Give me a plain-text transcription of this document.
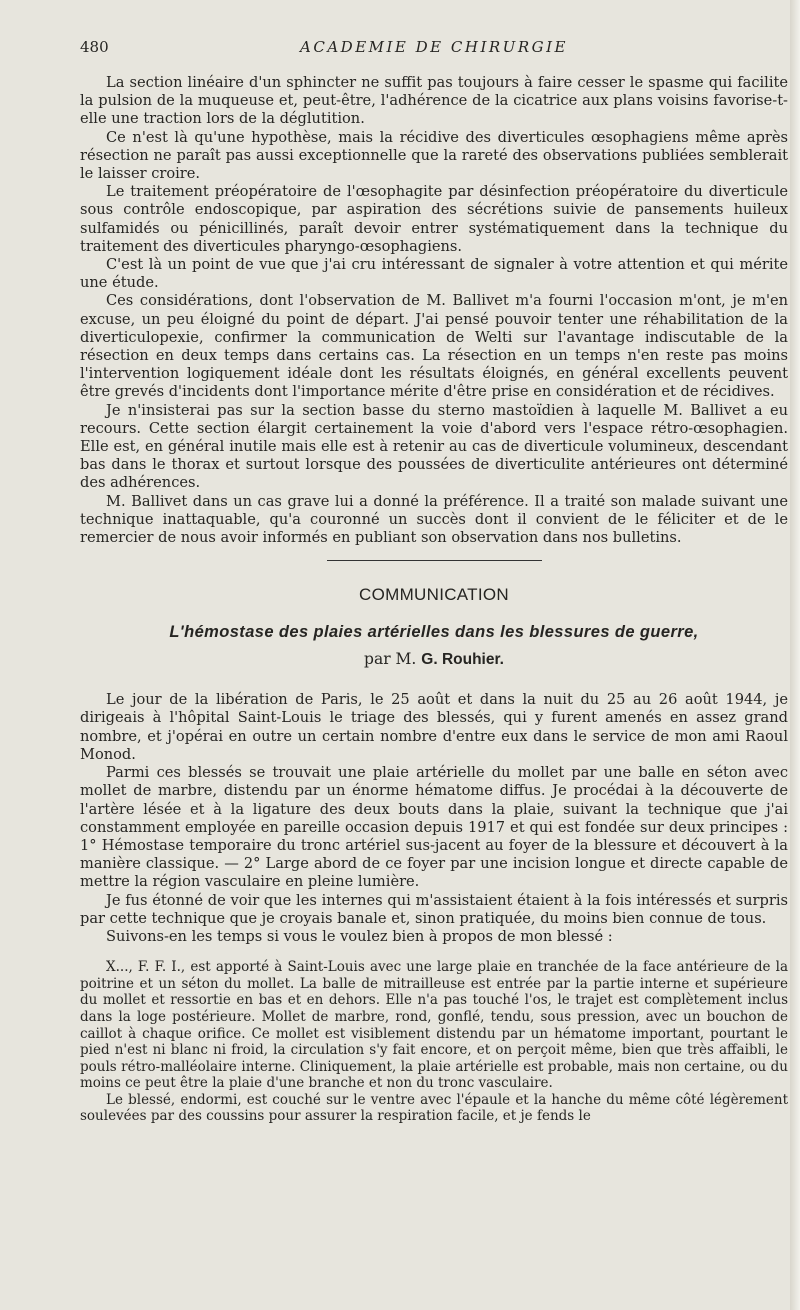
480	ACADEMIE DE CHIRURGIE

La section linéaire d'un sphincter ne suffit pas toujours à faire cesser le spasme qui facilite la pulsion de la muqueuse et, peut-être, l'adhérence de la cicatrice aux plans voisins favorise-t-elle une traction lors de la déglutition.

Ce n'est là qu'une hypothèse, mais la récidive des diverticules œsophagiens même après résection ne paraît pas aussi exceptionnelle que la rareté des observations publiées semblerait le laisser croire.

Le traitement préopératoire de l'œsophagite par désinfection préopératoire du diverticule sous contrôle endoscopique, par aspiration des sécrétions suivie de pansements huileux sulfamidés ou pénicillinés, paraît devoir entrer systématiquement dans la technique du traitement des diverticules pharyngo-œsophagiens.

C'est là un point de vue que j'ai cru intéressant de signaler à votre attention et qui mérite une étude.

Ces considérations, dont l'observation de M. Ballivet m'a fourni l'occasion m'ont, je m'en excuse, un peu éloigné du point de départ. J'ai pensé pouvoir tenter une réhabilitation de la diverticulopexie, confirmer la communication de Welti sur l'avantage indiscutable de la résection en deux temps dans certains cas. La résection en un temps n'en reste pas moins l'intervention logiquement idéale dont les résultats éloignés, en général excellents peuvent être grevés d'incidents dont l'importance mérite d'être prise en considération et de récidives.

Je n'insisterai pas sur la section basse du sterno mastoïdien à laquelle M. Ballivet a eu recours. Cette section élargit certainement la voie d'abord vers l'espace rétro-œsophagien. Elle est, en général inutile mais elle est à retenir au cas de diverticule volumineux, descendant bas dans le thorax et surtout lorsque des poussées de diverticulite antérieures ont déterminé des adhérences.

M. Ballivet dans un cas grave lui a donné la préférence. Il a traité son malade suivant une technique inattaquable, qu'a couronné un succès dont il convient de le féliciter et de le remercier de nous avoir informés en publiant son observation dans nos bulletins.

COMMUNICATION
L'hémostase des plaies artérielles dans les blessures de guerre,
par M. G. Rouhier.

Le jour de la libération de Paris, le 25 août et dans la nuit du 25 au 26 août 1944, je dirigeais à l'hôpital Saint-Louis le triage des blessés, qui y furent amenés en assez grand nombre, et j'opérai en outre un certain nombre d'entre eux dans le service de mon ami Raoul Monod.

Parmi ces blessés se trouvait une plaie artérielle du mollet par une balle en séton avec mollet de marbre, distendu par un énorme hématome diffus. Je procédai à la découverte de l'artère lésée et à la ligature des deux bouts dans la plaie, suivant la technique que j'ai constamment employée en pareille occasion depuis 1917 et qui est fondée sur deux principes : 1° Hémostase temporaire du tronc artériel sus-jacent au foyer de la blessure et découvert à la manière classique. — 2° Large abord de ce foyer par une incision longue et directe capable de mettre la région vasculaire en pleine lumière.

Je fus étonné de voir que les internes qui m'assistaient étaient à la fois intéressés et surpris par cette technique que je croyais banale et, sinon pratiquée, du moins bien connue de tous.

Suivons-en les temps si vous le voulez bien à propos de mon blessé :

X..., F. F. I., est apporté à Saint-Louis avec une large plaie en tranchée de la face antérieure de la poitrine et un séton du mollet. La balle de mitrailleuse est entrée par la partie interne et supérieure du mollet et ressortie en bas et en dehors. Elle n'a pas touché l'os, le trajet est complètement inclus dans la loge postérieure. Mollet de marbre, rond, gonflé, tendu, sous pression, avec un bouchon de caillot à chaque orifice. Ce mollet est visiblement distendu par un hématome important, pourtant le pied n'est ni blanc ni froid, la circulation s'y fait encore, et on perçoit même, bien que très affaibli, le pouls rétro-malléolaire interne. Cliniquement, la plaie artérielle est probable, mais non certaine, ou du moins ce peut être la plaie d'une branche et non du tronc vasculaire.

Le blessé, endormi, est couché sur le ventre avec l'épaule et la hanche du même côté légèrement soulevées par des coussins pour assurer la respiration facile, et je fends le
